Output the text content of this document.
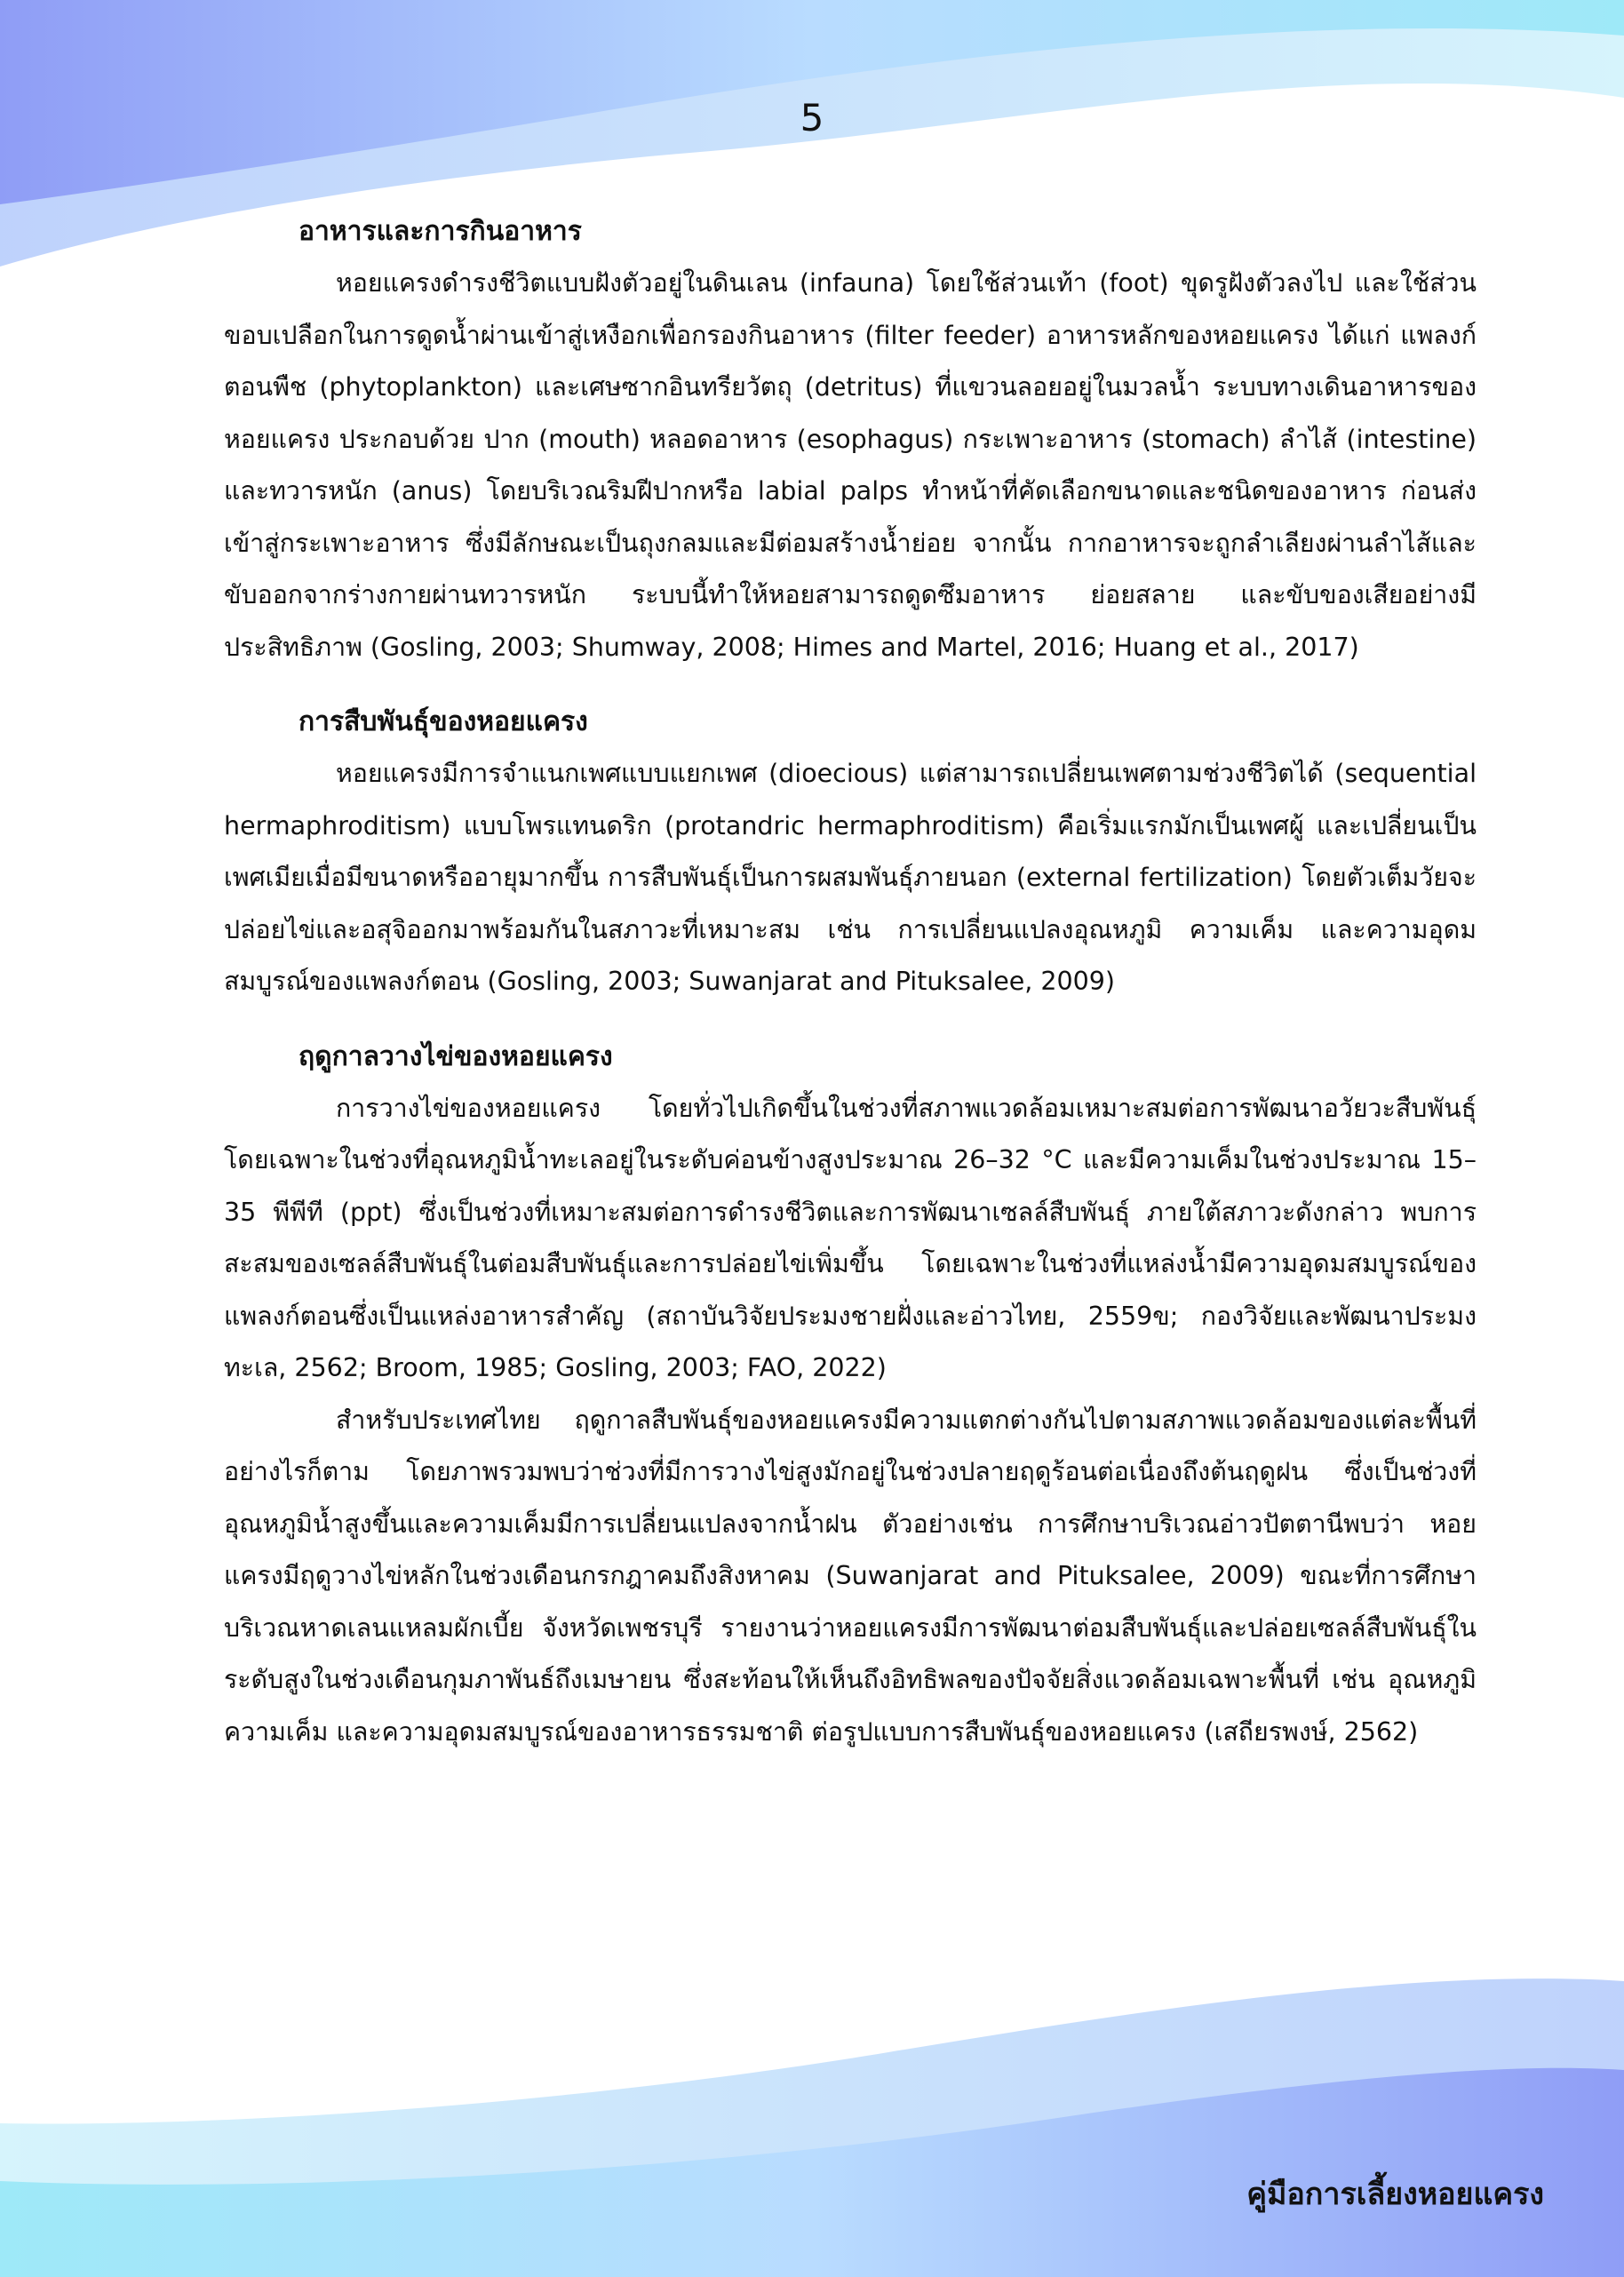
5
อาหารและการกินอาหาร

หอยแครงดำรงชีวิตแบบฝังตัวอยู่ในดินเลน (infauna) โดยใช้ส่วนเท้า (foot) ขุดรูฝังตัวลงไป และใช้ส่วนขอบเปลือกในการดูดน้ำผ่านเข้าสู่เหงือกเพื่อกรองกินอาหาร (filter feeder) อาหารหลักของหอยแครง ได้แก่ แพลงก์ตอนพืช (phytoplankton) และเศษซากอินทรียวัตถุ (detritus) ที่แขวนลอยอยู่ในมวลน้ำ ระบบทางเดินอาหารของหอยแครง ประกอบด้วย ปาก (mouth) หลอดอาหาร (esophagus) กระเพาะอาหาร (stomach) ลำไส้ (intestine) และทวารหนัก (anus) โดยบริเวณริมฝีปากหรือ labial palps ทำหน้าที่คัดเลือกขนาดและชนิดของอาหาร ก่อนส่งเข้าสู่กระเพาะอาหาร ซึ่งมีลักษณะเป็นถุงกลมและมีต่อมสร้างน้ำย่อย จากนั้น กากอาหารจะถูกลำเลียงผ่านลำไส้และขับออกจากร่างกายผ่านทวารหนัก ระบบนี้ทำให้หอยสามารถดูดซึมอาหาร ย่อยสลาย และขับของเสียอย่างมีประสิทธิภาพ (Gosling, 2003; Shumway, 2008; Himes and Martel, 2016; Huang et al., 2017)

การสืบพันธุ์ของหอยแครง

หอยแครงมีการจำแนกเพศแบบแยกเพศ (dioecious) แต่สามารถเปลี่ยนเพศตามช่วงชีวิตได้ (sequential hermaphroditism) แบบโพรแทนดริก (protandric hermaphroditism) คือเริ่มแรกมักเป็นเพศผู้ และเปลี่ยนเป็นเพศเมียเมื่อมีขนาดหรืออายุมากขึ้น การสืบพันธุ์เป็นการผสมพันธุ์ภายนอก (external fertilization) โดยตัวเต็มวัยจะปล่อยไข่และอสุจิออกมาพร้อมกันในสภาวะที่เหมาะสม เช่น การเปลี่ยนแปลงอุณหภูมิ ความเค็ม และความอุดมสมบูรณ์ของแพลงก์ตอน (Gosling, 2003; Suwanjarat and Pituksalee, 2009)

ฤดูกาลวางไข่ของหอยแครง

การวางไข่ของหอยแครง โดยทั่วไปเกิดขึ้นในช่วงที่สภาพแวดล้อมเหมาะสมต่อการพัฒนาอวัยวะสืบพันธุ์ โดยเฉพาะในช่วงที่อุณหภูมิน้ำทะเลอยู่ในระดับค่อนข้างสูงประมาณ 26–32 °C และมีความเค็มในช่วงประมาณ 15–35 พีพีที (ppt) ซึ่งเป็นช่วงที่เหมาะสมต่อการดำรงชีวิตและการพัฒนาเซลล์สืบพันธุ์ ภายใต้สภาวะดังกล่าว พบการสะสมของเซลล์สืบพันธุ์ในต่อมสืบพันธุ์และการปล่อยไข่เพิ่มขึ้น โดยเฉพาะในช่วงที่แหล่งน้ำมีความอุดมสมบูรณ์ของแพลงก์ตอนซึ่งเป็นแหล่งอาหารสำคัญ (สถาบันวิจัยประมงชายฝั่งและอ่าวไทย, 2559ข; กองวิจัยและพัฒนาประมงทะเล, 2562; Broom, 1985; Gosling, 2003; FAO, 2022)

สำหรับประเทศไทย ฤดูกาลสืบพันธุ์ของหอยแครงมีความแตกต่างกันไปตามสภาพแวดล้อมของแต่ละพื้นที่ อย่างไรก็ตาม โดยภาพรวมพบว่าช่วงที่มีการวางไข่สูงมักอยู่ในช่วงปลายฤดูร้อนต่อเนื่องถึงต้นฤดูฝน ซึ่งเป็นช่วงที่อุณหภูมิน้ำสูงขึ้นและความเค็มมีการเปลี่ยนแปลงจากน้ำฝน ตัวอย่างเช่น การศึกษาบริเวณอ่าวปัตตานีพบว่า หอยแครงมีฤดูวางไข่หลักในช่วงเดือนกรกฎาคมถึงสิงหาคม (Suwanjarat and Pituksalee, 2009) ขณะที่การศึกษาบริเวณหาดเลนแหลมผักเบี้ย จังหวัดเพชรบุรี รายงานว่าหอยแครงมีการพัฒนาต่อมสืบพันธุ์และปล่อยเซลล์สืบพันธุ์ในระดับสูงในช่วงเดือนกุมภาพันธ์ถึงเมษายน ซึ่งสะท้อนให้เห็นถึงอิทธิพลของปัจจัยสิ่งแวดล้อมเฉพาะพื้นที่ เช่น อุณหภูมิ ความเค็ม และความอุดมสมบูรณ์ของอาหารธรรมชาติ ต่อรูปแบบการสืบพันธุ์ของหอยแครง (เสถียรพงษ์, 2562)

คู่มือการเลี้ยงหอยแครง
